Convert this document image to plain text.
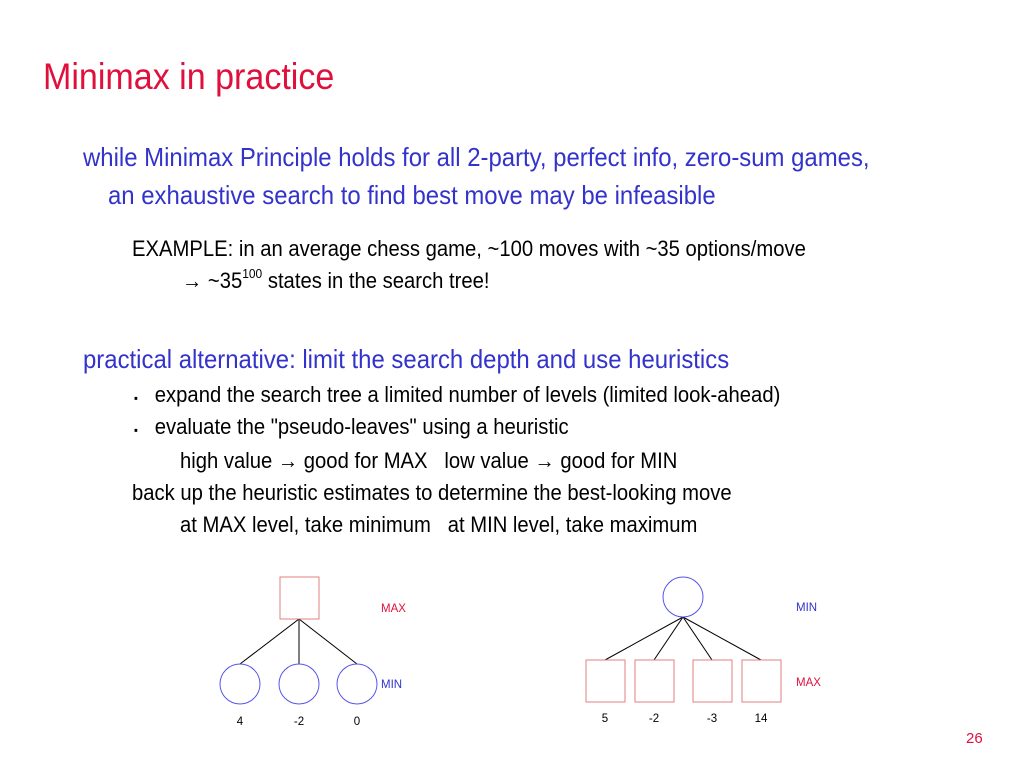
Minimax in practice
while Minimax Principle holds for all 2-party, perfect info, zero-sum games,
an exhaustive search to find best move may be infeasible
EXAMPLE: in an average chess game, ~100 moves with ~35 options/move
→ $\sim 35^{100}$ states in the search tree!
practical alternative: limit the search depth and use heuristics
▪ expand the search tree a limited number of levels (limited look-ahead)
▪ evaluate the "pseudo-leaves" using a heuristic
high value → good for MAX low value → good for MIN
back up the heuristic estimates to determine the best-looking move
at MAX level, take minimum at MIN level, take maximum
MAX
MIN
4	-2	0
MIN
MAX
5	-2	-3	14
26
